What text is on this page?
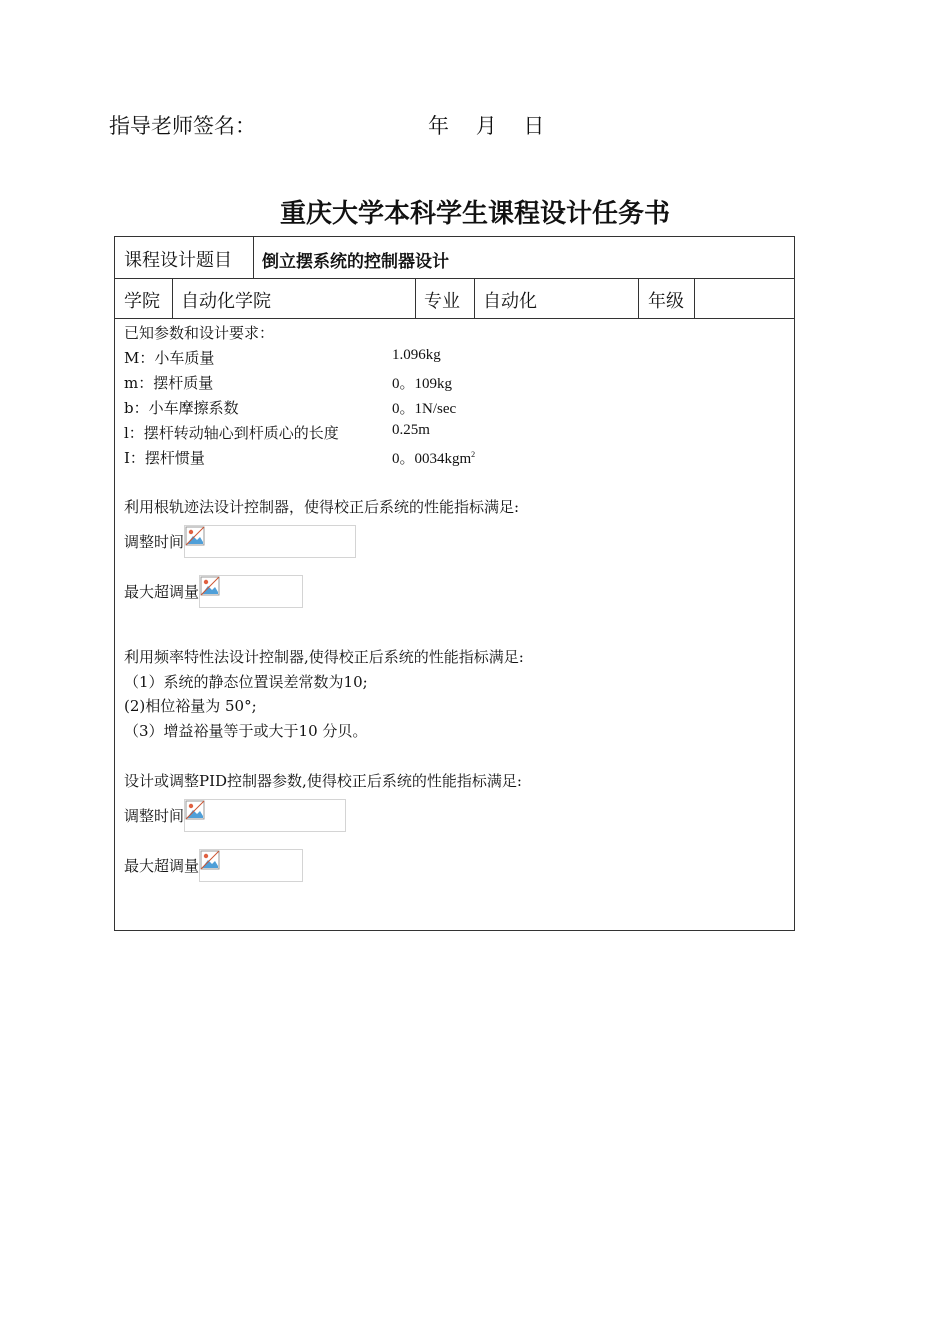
指导老师签名：	年 月 日
重庆大学本科学生课程设计任务书
课程设计题目 倒立摆系统的控制器设计
学院 自动化学院	专业 自动化	年级
已知参数和设计要求：
M：小车质量	1.096kg
m：摆杆质量	0。109kg
b：小车摩擦系数	0。1N/sec
l：摆杆转动轴心到杆质心的长度	0.25m
I：摆杆惯量	0。0034kgm$^2$
利用根轨迹法设计控制器，使得校正后系统的性能指标满足:
调整时间
最大超调量
利用频率特性法设计控制器,使得校正后系统的性能指标满足:
（1）系统的静态位置误差常数为10;
(2)相位裕量为 50°;
（3）增益裕量等于或大于10 分贝。
设计或调整PID控制器参数,使得校正后系统的性能指标满足:
调整时间
最大超调量
